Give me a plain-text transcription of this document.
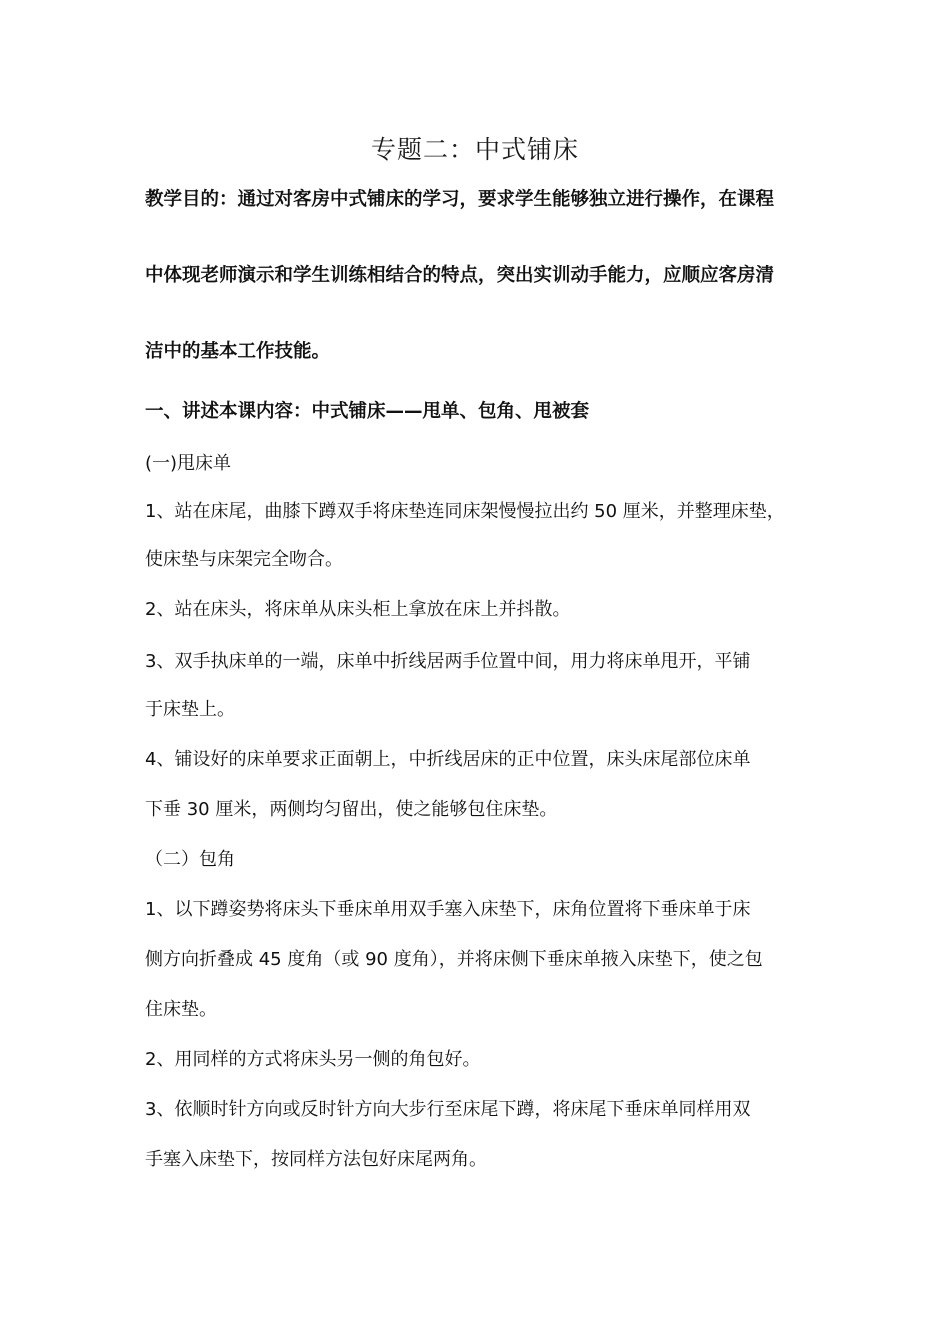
专题二：中式铺床
教学目的：通过对客房中式铺床的学习，要求学生能够独立进行操作，在课程
中体现老师演示和学生训练相结合的特点，突出实训动手能力，应顺应客房清
洁中的基本工作技能。
一、讲述本课内容：中式铺床——甩单、包角、甩被套
(一)甩床单
1、站在床尾，曲膝下蹲双手将床垫连同床架慢慢拉出约 50 厘米，并整理床垫，
使床垫与床架完全吻合。
2、站在床头，将床单从床头柜上拿放在床上并抖散。
3、双手执床单的一端，床单中折线居两手位置中间，用力将床单甩开，平铺
于床垫上。
4、铺设好的床单要求正面朝上，中折线居床的正中位置，床头床尾部位床单
下垂 30 厘米，两侧均匀留出，使之能够包住床垫。
（二）包角
1、以下蹲姿势将床头下垂床单用双手塞入床垫下，床角位置将下垂床单于床
侧方向折叠成 45 度角（或 90 度角），并将床侧下垂床单掖入床垫下，使之包
住床垫。
2、用同样的方式将床头另一侧的角包好。
3、依顺时针方向或反时针方向大步行至床尾下蹲，将床尾下垂床单同样用双
手塞入床垫下，按同样方法包好床尾两角。
